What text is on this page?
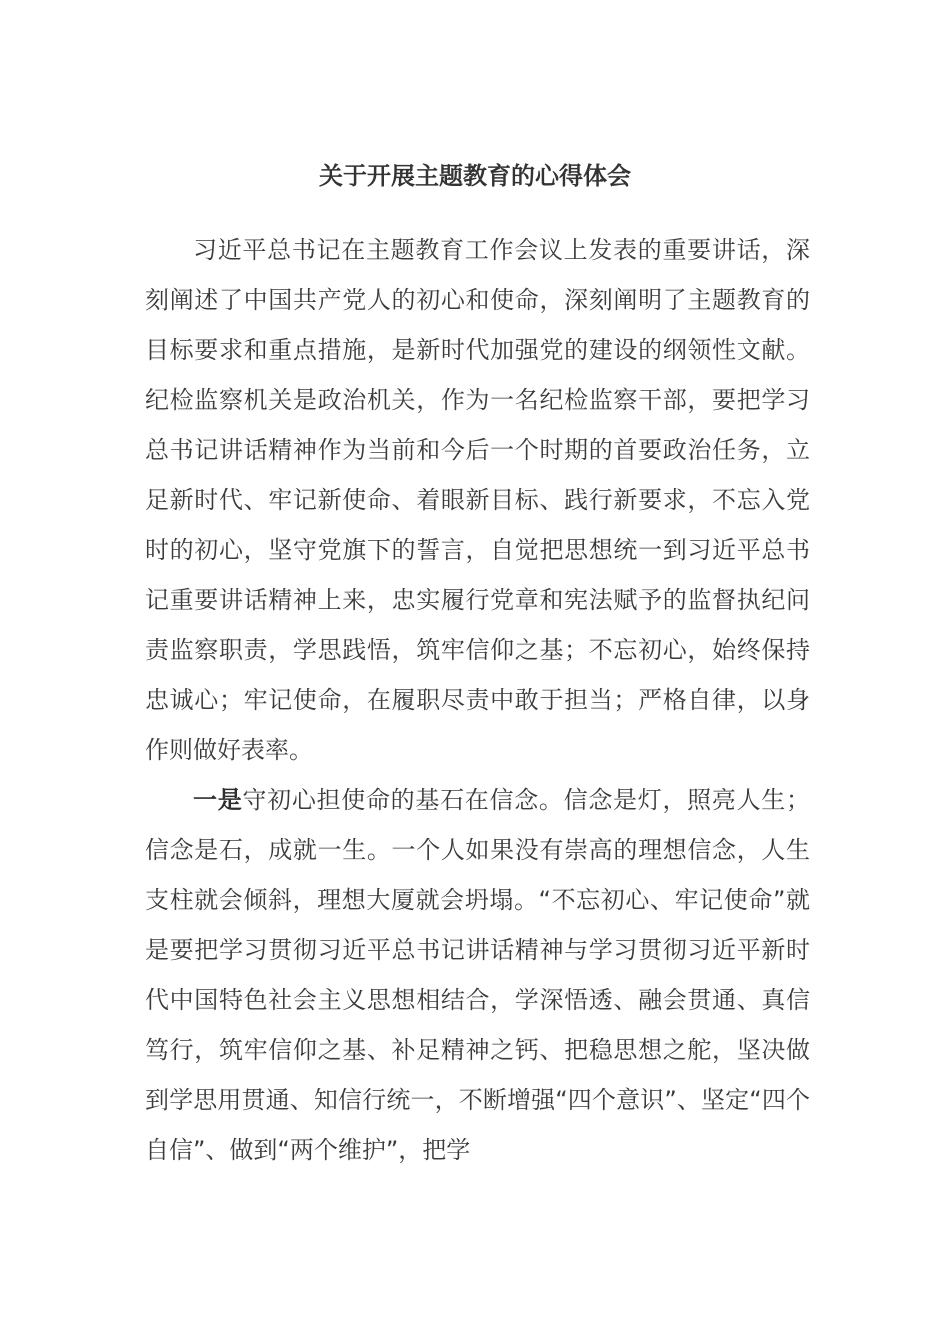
关于开展主题教育的心得体会

习近平总书记在主题教育工作会议上发表的重要讲话，深刻阐述了中国共产党人的初心和使命，深刻阐明了主题教育的目标要求和重点措施，是新时代加强党的建设的纲领性文献。纪检监察机关是政治机关，作为一名纪检监察干部，要把学习总书记讲话精神作为当前和今后一个时期的首要政治任务，立足新时代、牢记新使命、着眼新目标、践行新要求，不忘入党时的初心，坚守党旗下的誓言，自觉把思想统一到习近平总书记重要讲话精神上来，忠实履行党章和宪法赋予的监督执纪问责监察职责，学思践悟，筑牢信仰之基；不忘初心，始终保持忠诚心；牢记使命，在履职尽责中敢于担当；严格自律，以身作则做好表率。

一是守初心担使命的基石在信念。信念是灯，照亮人生；信念是石，成就一生。一个人如果没有崇高的理想信念，人生支柱就会倾斜，理想大厦就会坍塌。“不忘初心、牢记使命”就是要把学习贯彻习近平总书记讲话精神与学习贯彻习近平新时代中国特色社会主义思想相结合，学深悟透、融会贯通、真信笃行，筑牢信仰之基、补足精神之钙、把稳思想之舵，坚决做到学思用贯通、知信行统一，不断增强“四个意识”、坚定“四个自信”、做到“两个维护”，把学
